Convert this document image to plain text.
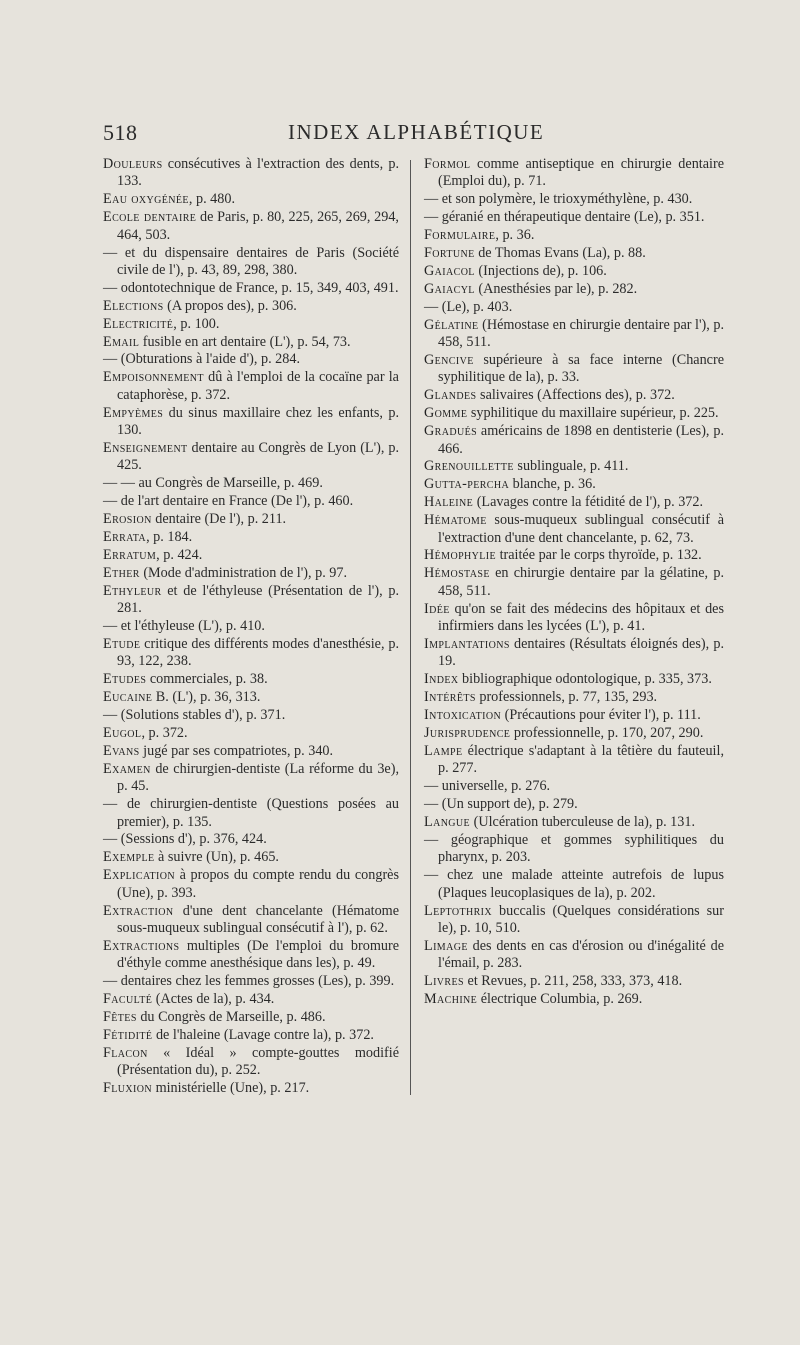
518	INDEX ALPHABÉTIQUE

Douleurs consécutives à l'extraction des dents, p. 133.

Eau oxygénée, p. 480.

Ecole dentaire de Paris, p. 80, 225, 265, 269, 294, 464, 503.

— et du dispensaire dentaires de Paris (Société civile de l'), p. 43, 89, 298, 380.

— odontotechnique de France, p. 15, 349, 403, 491.

Elections (A propos des), p. 306.

Electricité, p. 100.

Email fusible en art dentaire (L'), p. 54, 73.

— (Obturations à l'aide d'), p. 284.

Empoisonnement dû à l'emploi de la cocaïne par la cataphorèse, p. 372.

Empyèmes du sinus maxillaire chez les enfants, p. 130.

Enseignement dentaire au Congrès de Lyon (L'), p. 425.

— — au Congrès de Marseille, p. 469.

— de l'art dentaire en France (De l'), p. 460.

Erosion dentaire (De l'), p. 211.

Errata, p. 184.

Erratum, p. 424.

Ether (Mode d'administration de l'), p. 97.

Ethyleur et de l'éthyleuse (Présentation de l'), p. 281.

— et l'éthyleuse (L'), p. 410.

Etude critique des différents modes d'anesthésie, p. 93, 122, 238.

Etudes commerciales, p. 38.

Eucaine B. (L'), p. 36, 313.

— (Solutions stables d'), p. 371.

Eugol, p. 372.

Evans jugé par ses compatriotes, p. 340.

Examen de chirurgien-dentiste (La réforme du 3e), p. 45.

— de chirurgien-dentiste (Questions posées au premier), p. 135.

— (Sessions d'), p. 376, 424.

Exemple à suivre (Un), p. 465.

Explication à propos du compte rendu du congrès (Une), p. 393.

Extraction d'une dent chancelante (Hématome sous-muqueux sublingual consécutif à l'), p. 62.

Extractions multiples (De l'emploi du bromure d'éthyle comme anesthésique dans les), p. 49.

— dentaires chez les femmes grosses (Les), p. 399.

Faculté (Actes de la), p. 434.

Fêtes du Congrès de Marseille, p. 486.

Fétidité de l'haleine (Lavage contre la), p. 372.

Flacon « Idéal » compte-gouttes modifié (Présentation du), p. 252.

Fluxion ministérielle (Une), p. 217.

Formol comme antiseptique en chirurgie dentaire (Emploi du), p. 71.

— et son polymère, le trioxyméthylène, p. 430.

— géranié en thérapeutique dentaire (Le), p. 351.

Formulaire, p. 36.

Fortune de Thomas Evans (La), p. 88.

Gaiacol (Injections de), p. 106.

Gaiacyl (Anesthésies par le), p. 282.

— (Le), p. 403.

Gélatine (Hémostase en chirurgie dentaire par l'), p. 458, 511.

Gencive supérieure à sa face interne (Chancre syphilitique de la), p. 33.

Glandes salivaires (Affections des), p. 372.

Gomme syphilitique du maxillaire supérieur, p. 225.

Gradués américains de 1898 en dentisterie (Les), p. 466.

Grenouillette sublinguale, p. 411.

Gutta-percha blanche, p. 36.

Haleine (Lavages contre la fétidité de l'), p. 372.

Hématome sous-muqueux sublingual consécutif à l'extraction d'une dent chancelante, p. 62, 73.

Hémophylie traitée par le corps thyroïde, p. 132.

Hémostase en chirurgie dentaire par la gélatine, p. 458, 511.

Idée qu'on se fait des médecins des hôpitaux et des infirmiers dans les lycées (L'), p. 41.

Implantations dentaires (Résultats éloignés des), p. 19.

Index bibliographique odontologique, p. 335, 373.

Intérêts professionnels, p. 77, 135, 293.

Intoxication (Précautions pour éviter l'), p. 111.

Jurisprudence professionnelle, p. 170, 207, 290.

Lampe électrique s'adaptant à la têtière du fauteuil, p. 277.

— universelle, p. 276.

— (Un support de), p. 279.

Langue (Ulcération tuberculeuse de la), p. 131.

— géographique et gommes syphilitiques du pharynx, p. 203.

— chez une malade atteinte autrefois de lupus (Plaques leucoplasiques de la), p. 202.

Leptothrix buccalis (Quelques considérations sur le), p. 10, 510.

Limage des dents en cas d'érosion ou d'inégalité de l'émail, p. 283.

Livres et Revues, p. 211, 258, 333, 373, 418.

Machine électrique Columbia, p. 269.
